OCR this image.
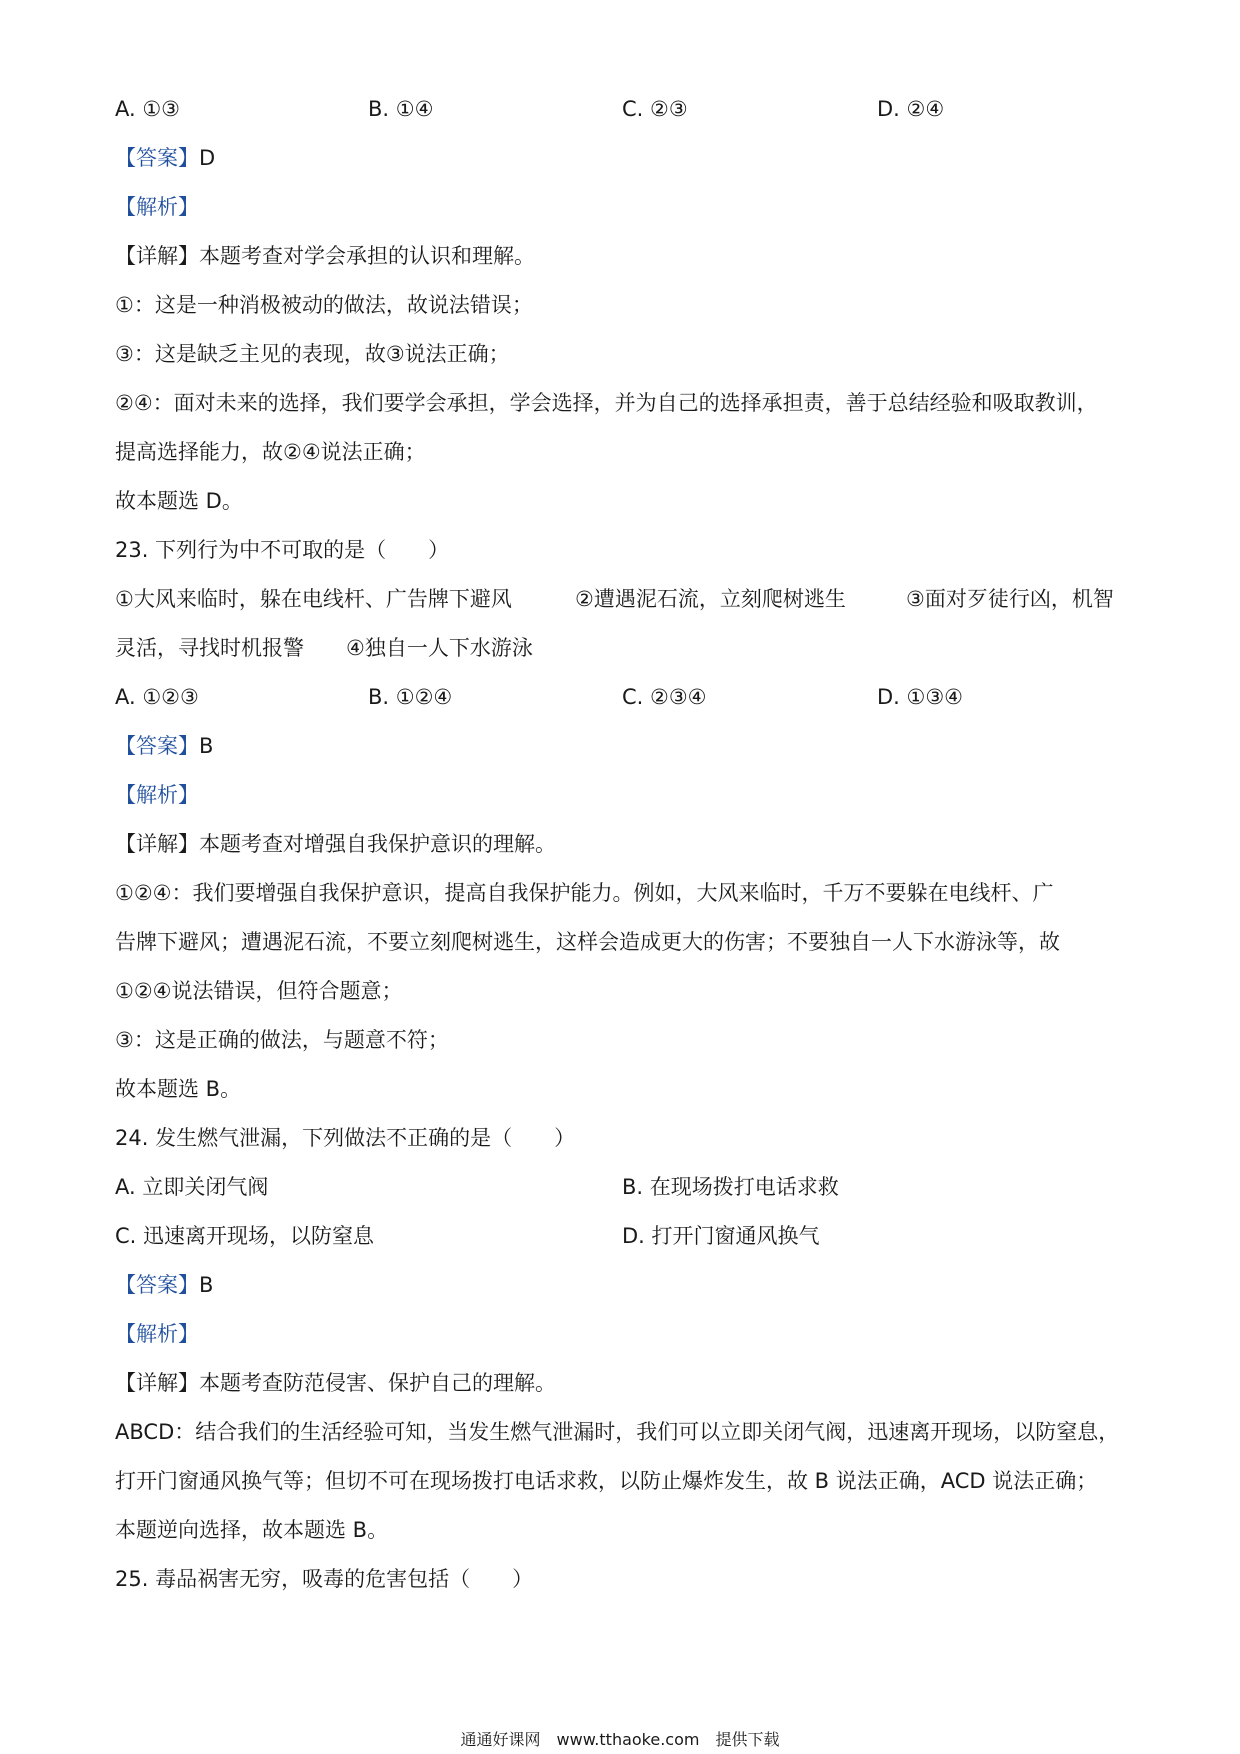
A. ①③	B. ①④	C. ②③	D. ②④
【答案】D
【解析】
【详解】本题考查对学会承担的认识和理解。
①：这是一种消极被动的做法，故说法错误；
③：这是缺乏主见的表现，故③说法正确；
②④：面对未来的选择，我们要学会承担，学会选择，并为自己的选择承担责，善于总结经验和吸取教训，
提高选择能力，故②④说法正确；
故本题选 D。
23. 下列行为中不可取的是（　　）
①大风来临时，躲在电线杆、广告牌下避风	②遭遇泥石流，立刻爬树逃生	③面对歹徒行凶，机智
灵活，寻找时机报警　　④独自一人下水游泳
A. ①②③	B. ①②④	C. ②③④	D. ①③④
【答案】B
【解析】
【详解】本题考查对增强自我保护意识的理解。
①②④：我们要增强自我保护意识，提高自我保护能力。例如，大风来临时，千万不要躲在电线杆、广
告牌下避风；遭遇泥石流，不要立刻爬树逃生，这样会造成更大的伤害；不要独自一人下水游泳等，故
①②④说法错误，但符合题意；
③：这是正确的做法，与题意不符；
故本题选 B。
24. 发生燃气泄漏，下列做法不正确的是（　　）
A. 立即关闭气阀	B. 在现场拨打电话求救
C. 迅速离开现场，以防窒息	D. 打开门窗通风换气
【答案】B
【解析】
【详解】本题考查防范侵害、保护自己的理解。
ABCD：结合我们的生活经验可知，当发生燃气泄漏时，我们可以立即关闭气阀，迅速离开现场，以防窒息，
打开门窗通风换气等；但切不可在现场拨打电话求救，以防止爆炸发生，故 B 说法正确，ACD 说法正确；
本题逆向选择，故本题选 B。
25. 毒品祸害无穷，吸毒的危害包括（　　）
通通好课网　www.tthaoke.com　提供下载
